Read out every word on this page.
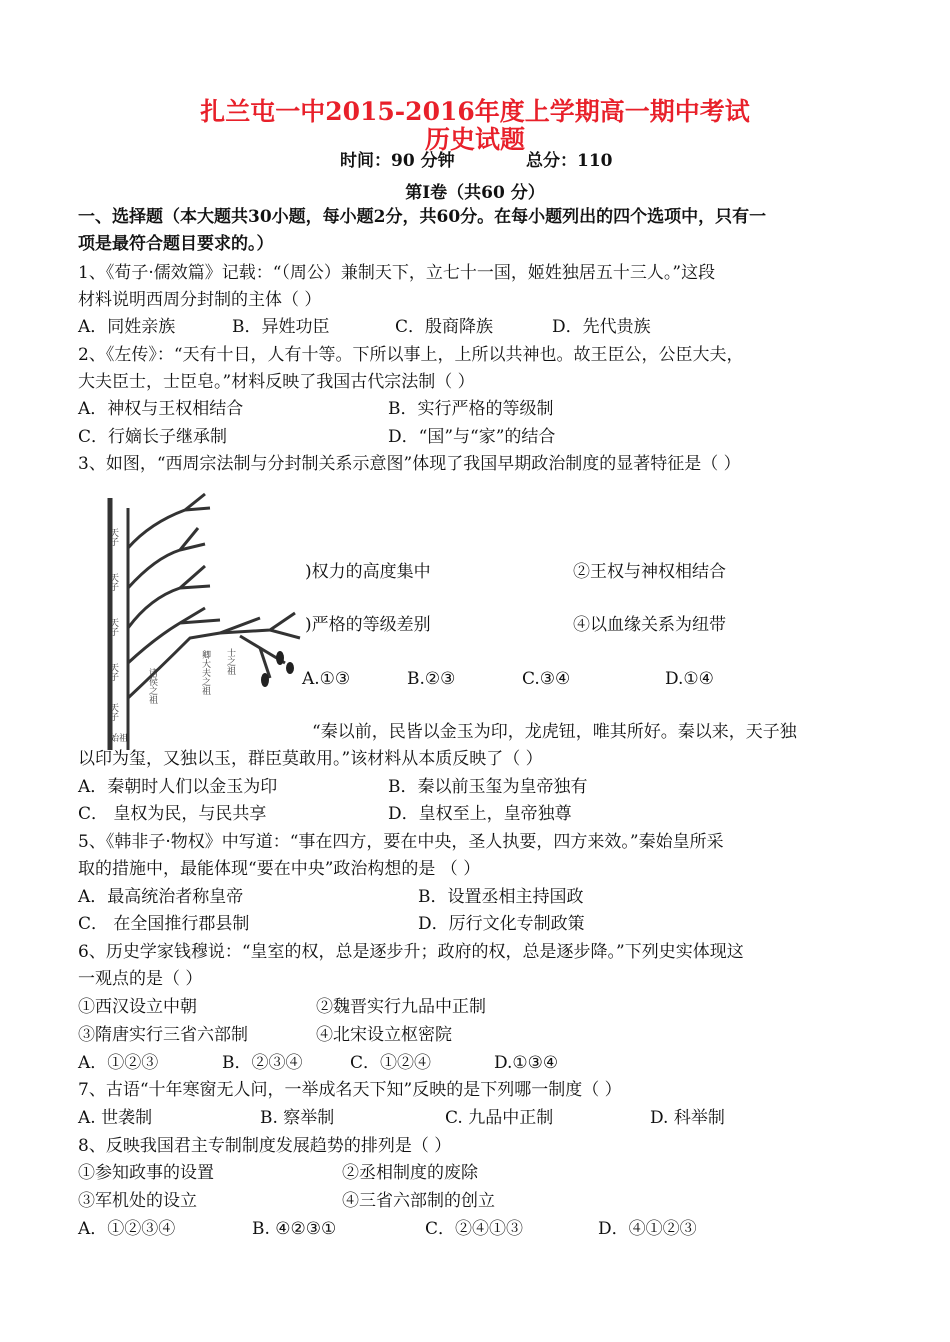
扎兰屯一中2015-2016年度上学期高一期中考试
历史试题
时间：90 分钟	总分：110
第Ⅰ卷（共60 分）
一、选择题（本大题共30小题，每小题2分，共60分。在每小题列出的四个选项中，只有一
项是最符合题目要求的。）
1、《荀子·儒效篇》记载：“（周公）兼制天下，立七十一国，姬姓独居五十三人。”这段
材料说明西周分封制的主体（ ）
A．同姓亲族	B．异姓功臣	C．殷商降族	D．先代贵族
2、《左传》：“天有十日，人有十等。下所以事上，上所以共神也。故王臣公，公臣大夫，
大夫臣士，士臣皂。”材料反映了我国古代宗法制（ ）
A．神权与王权相结合	B．实行严格的等级制
C．行嫡长子继承制	D．“国”与“家”的结合
3、如图，“西周宗法制与分封制关系示意图”体现了我国早期政治制度的显著特征是（ ）
天子
天子
天子
天子
天子
诸侯之祖	卿大夫之祖 士之祖
始祖
)权力的高度集中	②王权与神权相结合
)严格的等级差别	④以血缘关系为纽带
A.①③	B.②③	C.③④	D.①④
“秦以前，民皆以金玉为印，龙虎钮，唯其所好。秦以来，天子独
以印为玺，又独以玉，群臣莫敢用。”该材料从本质反映了（ ）
A．秦朝时人们以金玉为印	B．秦以前玉玺为皇帝独有
C． 皇权为民，与民共享	D．皇权至上，皇帝独尊
5、《韩非子·物权》中写道：“事在四方，要在中央，圣人执要，四方来效。”秦始皇所采
取的措施中，最能体现“要在中央”政治构想的是 （ ）
A．最高统治者称皇帝	B．设置丞相主持国政
C． 在全国推行郡县制	D．厉行文化专制政策
6、历史学家钱穆说：“皇室的权，总是逐步升；政府的权，总是逐步降。”下列史实体现这
一观点的是（ ）
①西汉设立中朝	②魏晋实行九品中正制
③隋唐实行三省六部制	④北宋设立枢密院
A．①②③	B．②③④	C．①②④	D.①③④
7、古语“十年寒窗无人问，一举成名天下知”反映的是下列哪一制度（ ）
A. 世袭制	B. 察举制	C. 九品中正制	D. 科举制
8、反映我国君主专制制度发展趋势的排列是（ ）
①参知政事的设置	②丞相制度的废除
③军机处的设立	④三省六部制的创立
A．①②③④	B. ④②③①	C．②④①③	D．④①②③
